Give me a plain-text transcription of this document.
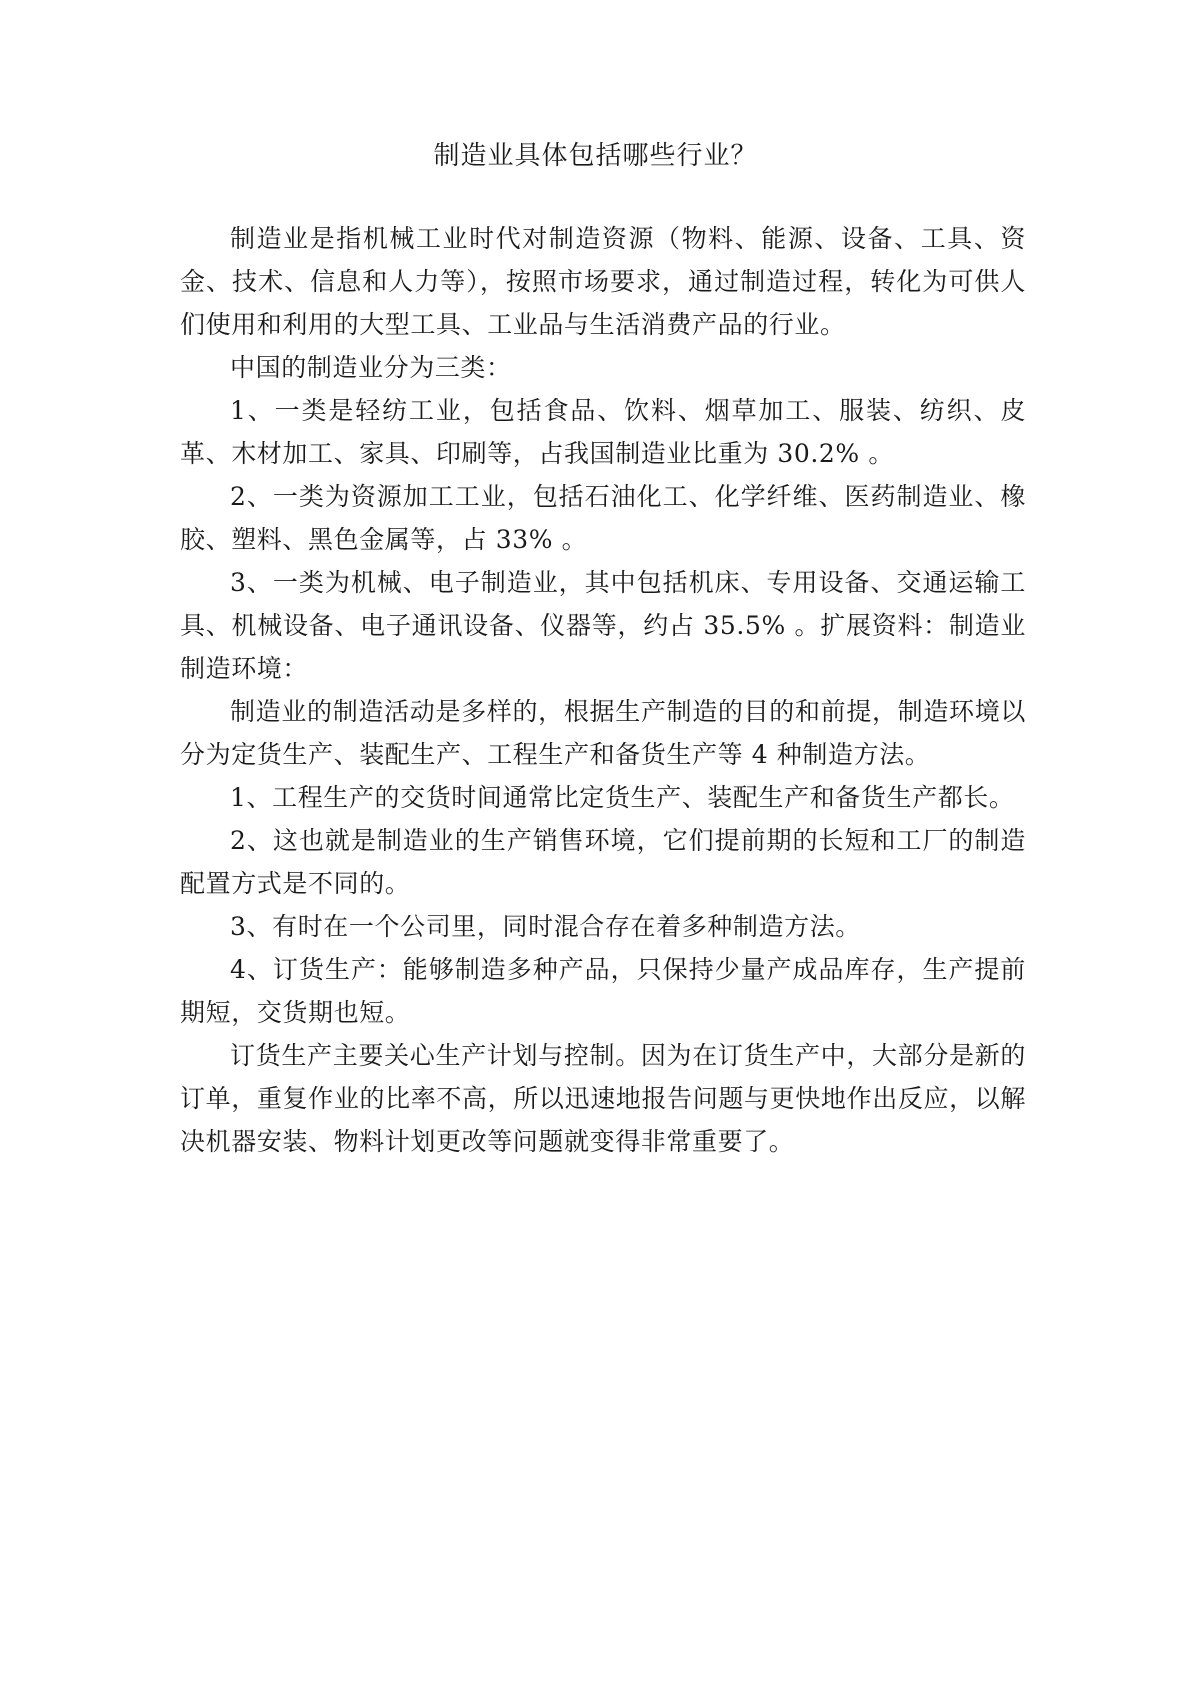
制造业具体包括哪些行业？

制造业是指机械工业时代对制造资源（物料、能源、设备、工具、资金、技术、信息和人力等），按照市场要求，通过制造过程，转化为可供人们使用和利用的大型工具、工业品与生活消费产品的行业。

中国的制造业分为三类：

1、一类是轻纺工业，包括食品、饮料、烟草加工、服装、纺织、皮革、木材加工、家具、印刷等，占我国制造业比重为 30.2% 。

2、一类为资源加工工业，包括石油化工、化学纤维、医药制造业、橡胶、塑料、黑色金属等，占 33% 。

3、一类为机械、电子制造业，其中包括机床、专用设备、交通运输工具、机械设备、电子通讯设备、仪器等，约占 35.5% 。扩展资料：制造业制造环境：

制造业的制造活动是多样的，根据生产制造的目的和前提，制造环境以分为定货生产、装配生产、工程生产和备货生产等 4 种制造方法。

1、工程生产的交货时间通常比定货生产、装配生产和备货生产都长。

2、这也就是制造业的生产销售环境，它们提前期的长短和工厂的制造配置方式是不同的。

3、有时在一个公司里，同时混合存在着多种制造方法。

4、订货生产：能够制造多种产品，只保持少量产成品库存，生产提前期短，交货期也短。

订货生产主要关心生产计划与控制。因为在订货生产中，大部分是新的订单，重复作业的比率不高，所以迅速地报告问题与更快地作出反应，以解决机器安装、物料计划更改等问题就变得非常重要了。
